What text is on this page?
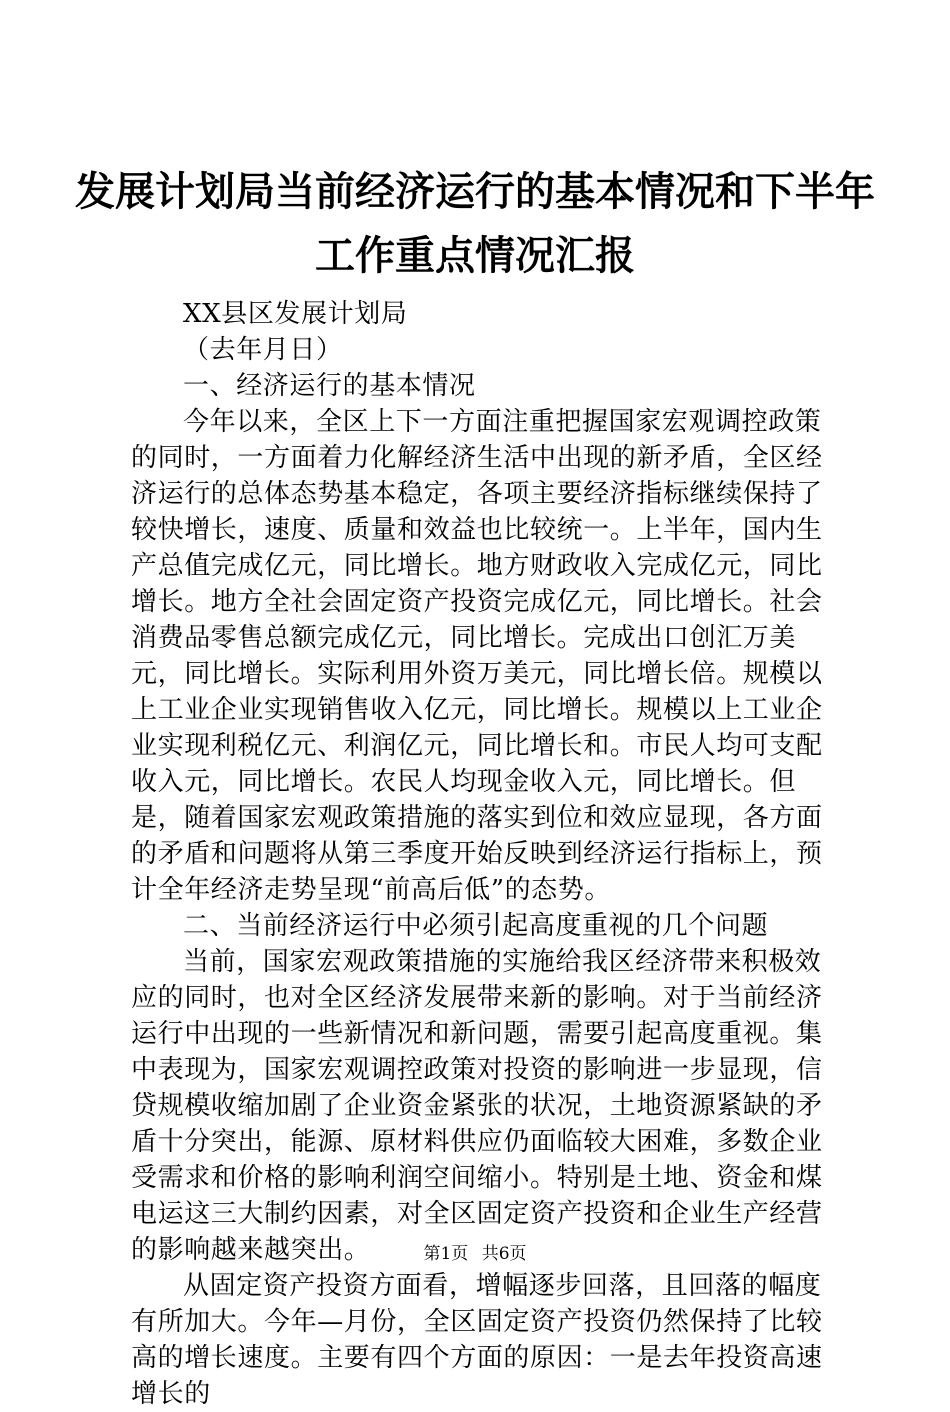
发展计划局当前经济运行的基本情况和下半年
工作重点情况汇报

XX县区发展计划局

（去年月日）

一、经济运行的基本情况

今年以来，全区上下一方面注重把握国家宏观调控政策的同时，一方面着力化解经济生活中出现的新矛盾，全区经济运行的总体态势基本稳定，各项主要经济指标继续保持了较快增长，速度、质量和效益也比较统一。上半年，国内生产总值完成亿元，同比增长。地方财政收入完成亿元，同比增长。地方全社会固定资产投资完成亿元，同比增长。社会消费品零售总额完成亿元，同比增长。完成出口创汇万美元，同比增长。实际利用外资万美元，同比增长倍。规模以上工业企业实现销售收入亿元，同比增长。规模以上工业企业实现利税亿元、利润亿元，同比增长和。市民人均可支配收入元，同比增长。农民人均现金收入元，同比增长。但是，随着国家宏观政策措施的落实到位和效应显现，各方面的矛盾和问题将从第三季度开始反映到经济运行指标上，预计全年经济走势呈现“前高后低”的态势。

二、当前经济运行中必须引起高度重视的几个问题

当前，国家宏观政策措施的实施给我区经济带来积极效应的同时，也对全区经济发展带来新的影响。对于当前经济运行中出现的一些新情况和新问题，需要引起高度重视。集中表现为，国家宏观调控政策对投资的影响进一步显现，信贷规模收缩加剧了企业资金紧张的状况，土地资源紧缺的矛盾十分突出，能源、原材料供应仍面临较大困难，多数企业受需求和价格的影响利润空间缩小。特别是土地、资金和煤电运这三大制约因素，对全区固定资产投资和企业生产经营的影响越来越突出。

从固定资产投资方面看，增幅逐步回落，且回落的幅度有所加大。今年—月份，全区固定资产投资仍然保持了比较高的增长速度。主要有四个方面的原因：一是去年投资高速增长的

第1页 共6页
